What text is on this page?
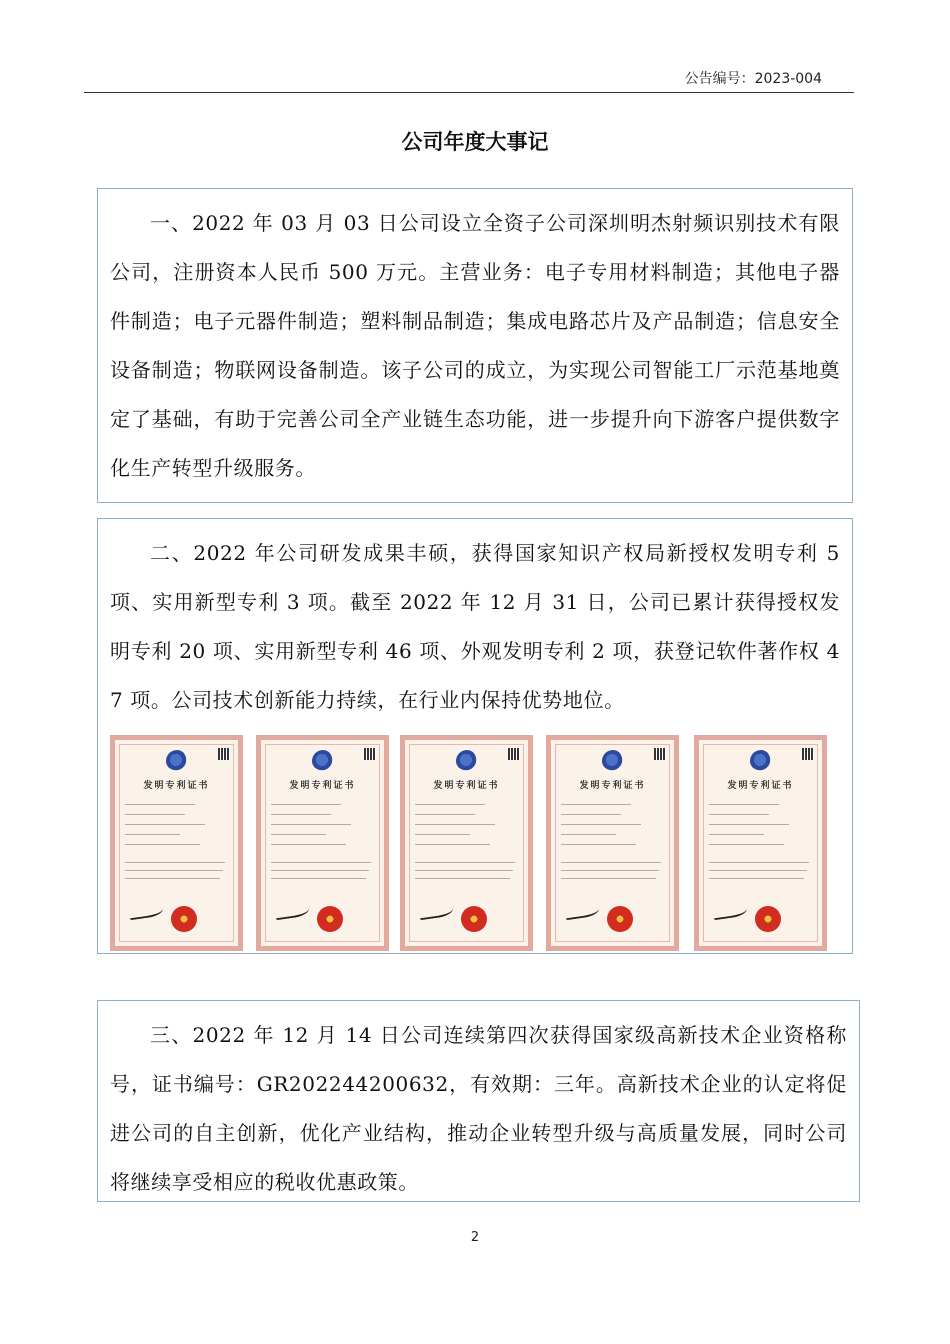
公告编号：2023-004
公司年度大事记

一、2022 年 03 月 03 日公司设立全资子公司深圳明杰射频识别技术有限公司，注册资本人民币 500 万元。主营业务：电子专用材料制造；其他电子器件制造；电子元器件制造；塑料制品制造；集成电路芯片及产品制造；信息安全设备制造；物联网设备制造。该子公司的成立，为实现公司智能工厂示范基地奠定了基础，有助于完善公司全产业链生态功能，进一步提升向下游客户提供数字化生产转型升级服务。

二、2022 年公司研发成果丰硕，获得国家知识产权局新授权发明专利 5 项、实用新型专利 3 项。截至 2022 年 12 月 31 日，公司已累计获得授权发明专利 20 项、实用新型专利 46 项、外观发明专利 2 项，获登记软件著作权 47 项。公司技术创新能力持续，在行业内保持优势地位。

发明专利证书	发明专利证书	发明专利证书	发明专利证书	发明专利证书

三、2022 年 12 月 14 日公司连续第四次获得国家级高新技术企业资格称号，证书编号：GR202244200632，有效期：三年。高新技术企业的认定将促进公司的自主创新，优化产业结构，推动企业转型升级与高质量发展，同时公司将继续享受相应的税收优惠政策。

2
